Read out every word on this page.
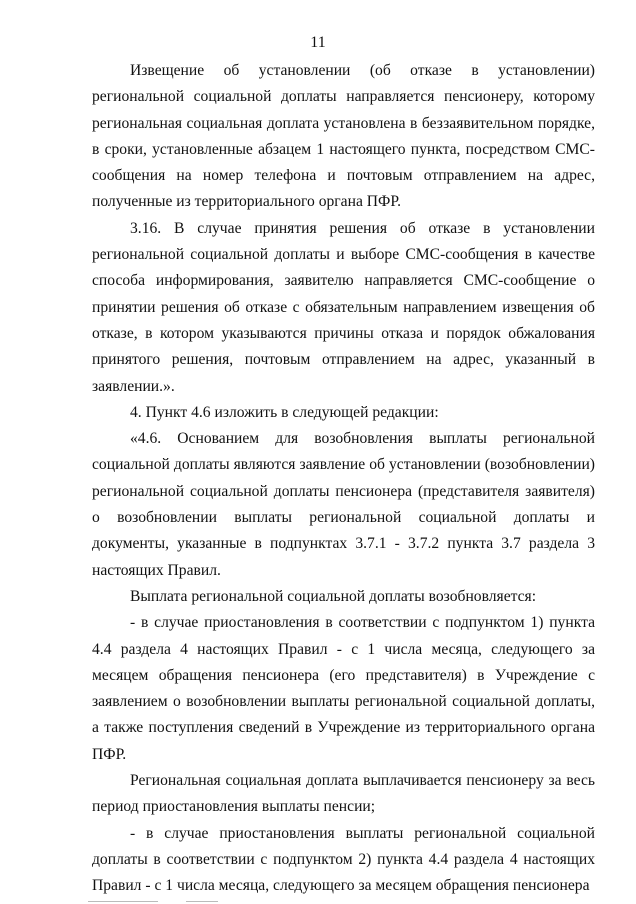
11

Извещение об установлении (об отказе в установлении) региональной социальной доплаты направляется пенсионеру, которому региональная социальная доплата установлена в беззаявительном порядке, в сроки, установленные абзацем 1 настоящего пункта, посредством СМС-сообщения на номер телефона и почтовым отправлением на адрес, полученные из территориального органа ПФР.

3.16. В случае принятия решения об отказе в установлении региональной социальной доплаты и выборе СМС-сообщения в качестве способа информирования, заявителю направляется СМС-сообщение о принятии решения об отказе с обязательным направлением извещения об отказе, в котором указываются причины отказа и порядок обжалования принятого решения, почтовым отправлением на адрес, указанный в заявлении.».

4. Пункт 4.6 изложить в следующей редакции:

«4.6. Основанием для возобновления выплаты региональной социальной доплаты являются заявление об установлении (возобновлении) региональной социальной доплаты пенсионера (представителя заявителя) о возобновлении выплаты региональной социальной доплаты и документы, указанные в подпунктах 3.7.1 - 3.7.2 пункта 3.7 раздела 3 настоящих Правил.

Выплата региональной социальной доплаты возобновляется:

- в случае приостановления в соответствии с подпунктом 1) пункта 4.4 раздела 4 настоящих Правил - с 1 числа месяца, следующего за месяцем обращения пенсионера (его представителя) в Учреждение с заявлением о возобновлении выплаты региональной социальной доплаты, а также поступления сведений в Учреждение из территориального органа ПФР.

Региональная социальная доплата выплачивается пенсионеру за весь период приостановления выплаты пенсии;

- в случае приостановления выплаты региональной социальной доплаты в соответствии с подпунктом 2) пункта 4.4 раздела 4 настоящих Правил - с 1 числа месяца, следующего за месяцем обращения пенсионера
